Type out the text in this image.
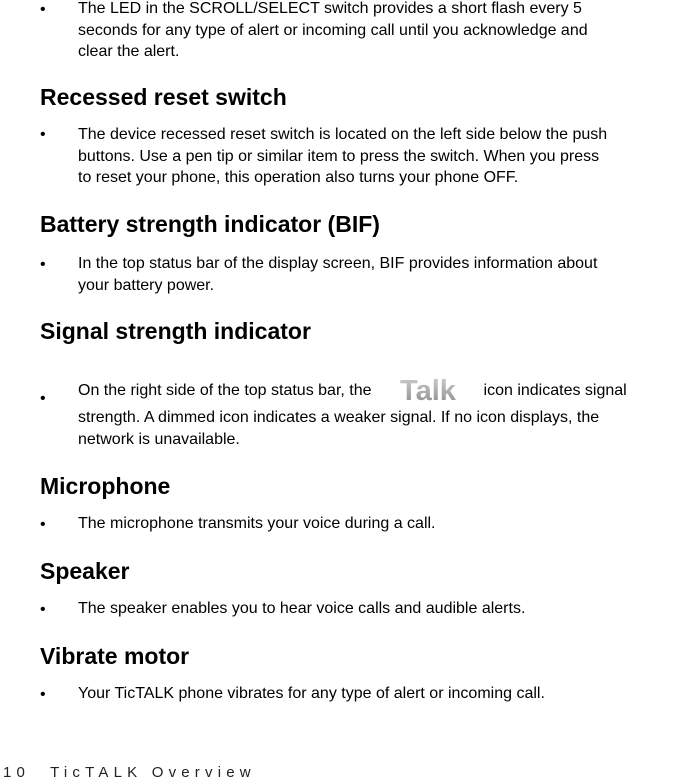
• The LED in the SCROLL/SELECT switch provides a short flash every 5
seconds for any type of alert or incoming call until you acknowledge and
clear the alert.
Recessed reset switch
• The device recessed reset switch is located on the left side below the push
buttons. Use a pen tip or similar item to press the switch. When you press
to reset your phone, this operation also turns your phone OFF.
Battery strength indicator (BIF)
• In the top status bar of the display screen, BIF provides information about
your battery power.
Signal strength indicator
• On the right side of the top status bar, the Talk icon indicates signal
strength. A dimmed icon indicates a weaker signal. If no icon displays, the
network is unavailable.
Microphone
• The microphone transmits your voice during a call.
Speaker
• The speaker enables you to hear voice calls and audible alerts.
Vibrate motor
• Your TicTALK phone vibrates for any type of alert or incoming call.
10 TicTALK Overview
